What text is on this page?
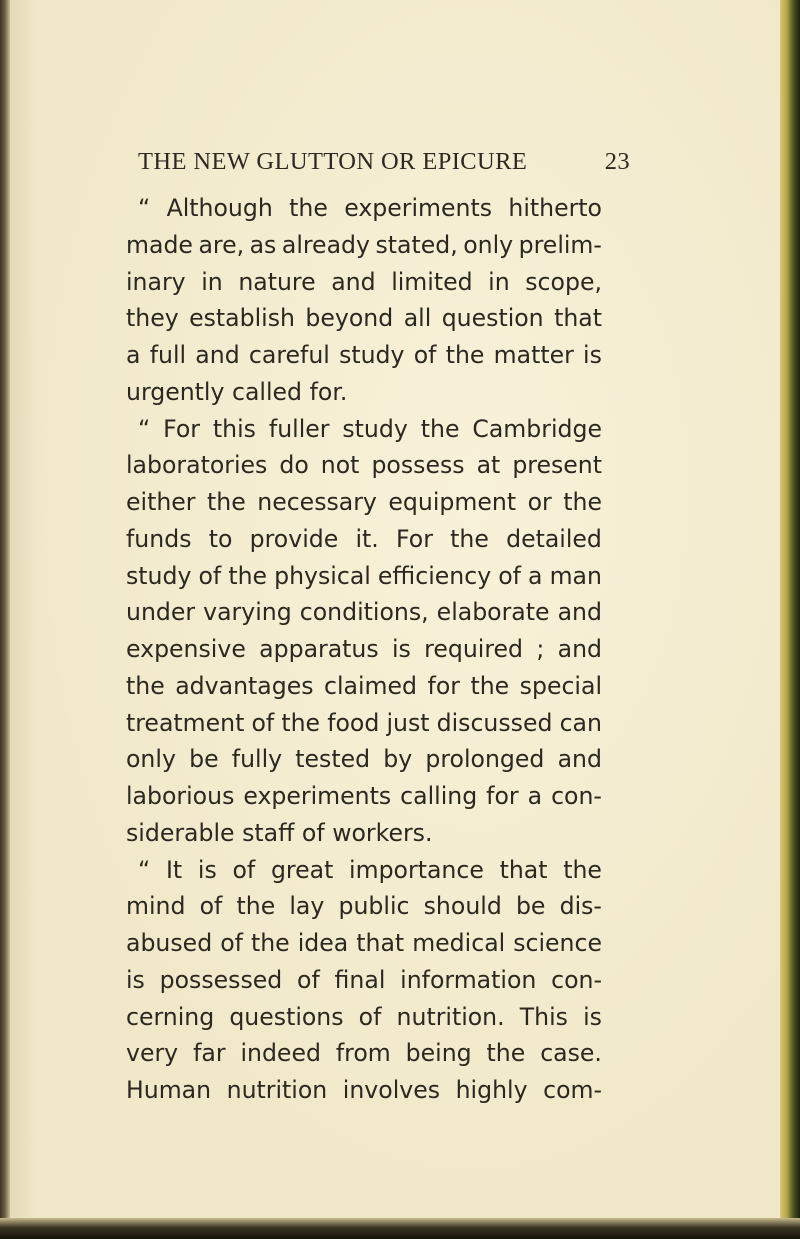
THE NEW GLUTTON OR EPICURE	23
“ Although the experiments hitherto
made are, as already stated, only prelim-
inary in nature and limited in scope,
they establish beyond all question that
a full and careful study of the matter is
urgently called for.
“ For this fuller study the Cambridge
laboratories do not possess at present
either the necessary equipment or the
funds to provide it. For the detailed
study of the physical efficiency of a man
under varying conditions, elaborate and
expensive apparatus is required ; and
the advantages claimed for the special
treatment of the food just discussed can
only be fully tested by prolonged and
laborious experiments calling for a con-
siderable staff of workers.
“ It is of great importance that the
mind of the lay public should be dis-
abused of the idea that medical science
is possessed of final information con-
cerning questions of nutrition. This is
very far indeed from being the case.
Human nutrition involves highly com-
